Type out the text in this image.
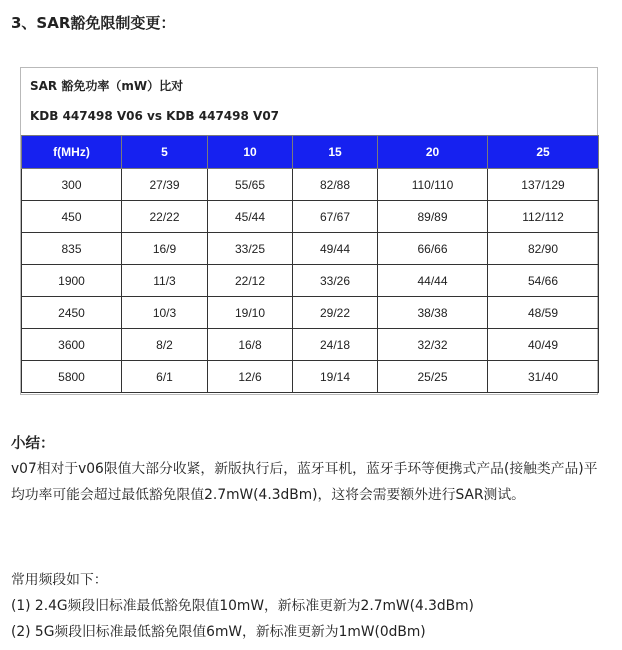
3、SAR豁免限制变更：
SAR 豁免功率（mW）比对
KDB 447498 V06 vs KDB 447498 V07
f(MHz)	5	10	15	20	25
300	27/39	55/65	82/88	110/110	137/129
450	22/22	45/44	67/67	89/89	112/112
835	16/9	33/25	49/44	66/66	82/90
1900	11/3	22/12	33/26	44/44	54/66
2450	10/3	19/10	29/22	38/38	48/59
3600	8/2	16/8	24/18	32/32	40/49
5800	6/1	12/6	19/14	25/25	31/40
小结：
v07相对于v06限值大部分收紧，新版执行后，蓝牙耳机，蓝牙手环等便携式产品(接触类产品)平均功率可能会超过最低豁免限值2.7mW(4.3dBm)，这将会需要额外进行SAR测试。
常用频段如下：
(1) 2.4G频段旧标准最低豁免限值10mW，新标准更新为2.7mW(4.3dBm)
(2) 5G频段旧标准最低豁免限值6mW，新标准更新为1mW(0dBm)
